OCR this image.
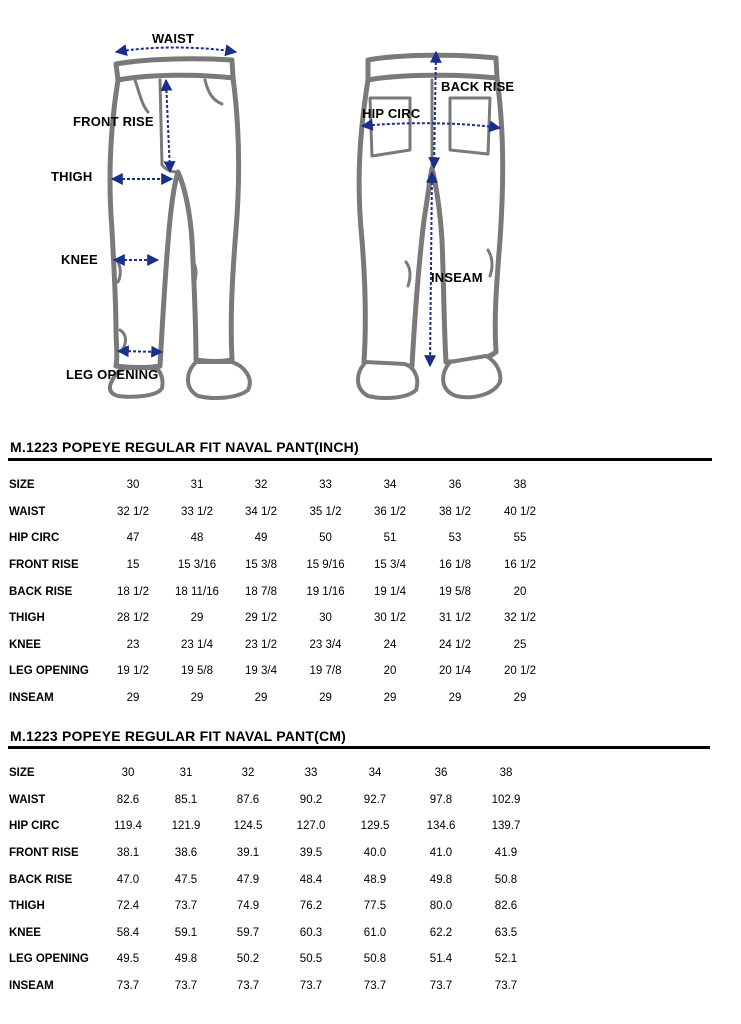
WAIST
FRONT RISE
THIGH
KNEE
LEG OPENING
BACK RISE
HIP CIRC
INSEAM
M.1223 POPEYE REGULAR FIT NAVAL PANT(INCH)
SIZE	30	31	32	33	34	36	38
WAIST	32 1/2	33 1/2	34 1/2	35 1/2	36 1/2	38 1/2	40 1/2
HIP CIRC	47	48	49	50	51	53	55
FRONT RISE	15	15 3/16	15 3/8	15 9/16	15 3/4	16 1/8	16 1/2
BACK RISE	18 1/2	18 11/16	18 7/8	19 1/16	19 1/4	19 5/8	20
THIGH	28 1/2	29	29 1/2	30	30 1/2	31 1/2	32 1/2
KNEE	23	23 1/4	23 1/2	23 3/4	24	24 1/2	25
LEG OPENING	19 1/2	19 5/8	19 3/4	19 7/8	20	20 1/4	20 1/2
INSEAM	29	29	29	29	29	29	29
M.1223 POPEYE REGULAR FIT NAVAL PANT(CM)
SIZE	30	31	32	33	34	36	38
WAIST	82.6	85.1	87.6	90.2	92.7	97.8	102.9
HIP CIRC	119.4	121.9	124.5	127.0	129.5	134.6	139.7
FRONT RISE	38.1	38.6	39.1	39.5	40.0	41.0	41.9
BACK RISE	47.0	47.5	47.9	48.4	48.9	49.8	50.8
THIGH	72.4	73.7	74.9	76.2	77.5	80.0	82.6
KNEE	58.4	59.1	59.7	60.3	61.0	62.2	63.5
LEG OPENING	49.5	49.8	50.2	50.5	50.8	51.4	52.1
INSEAM	73.7	73.7	73.7	73.7	73.7	73.7	73.7
